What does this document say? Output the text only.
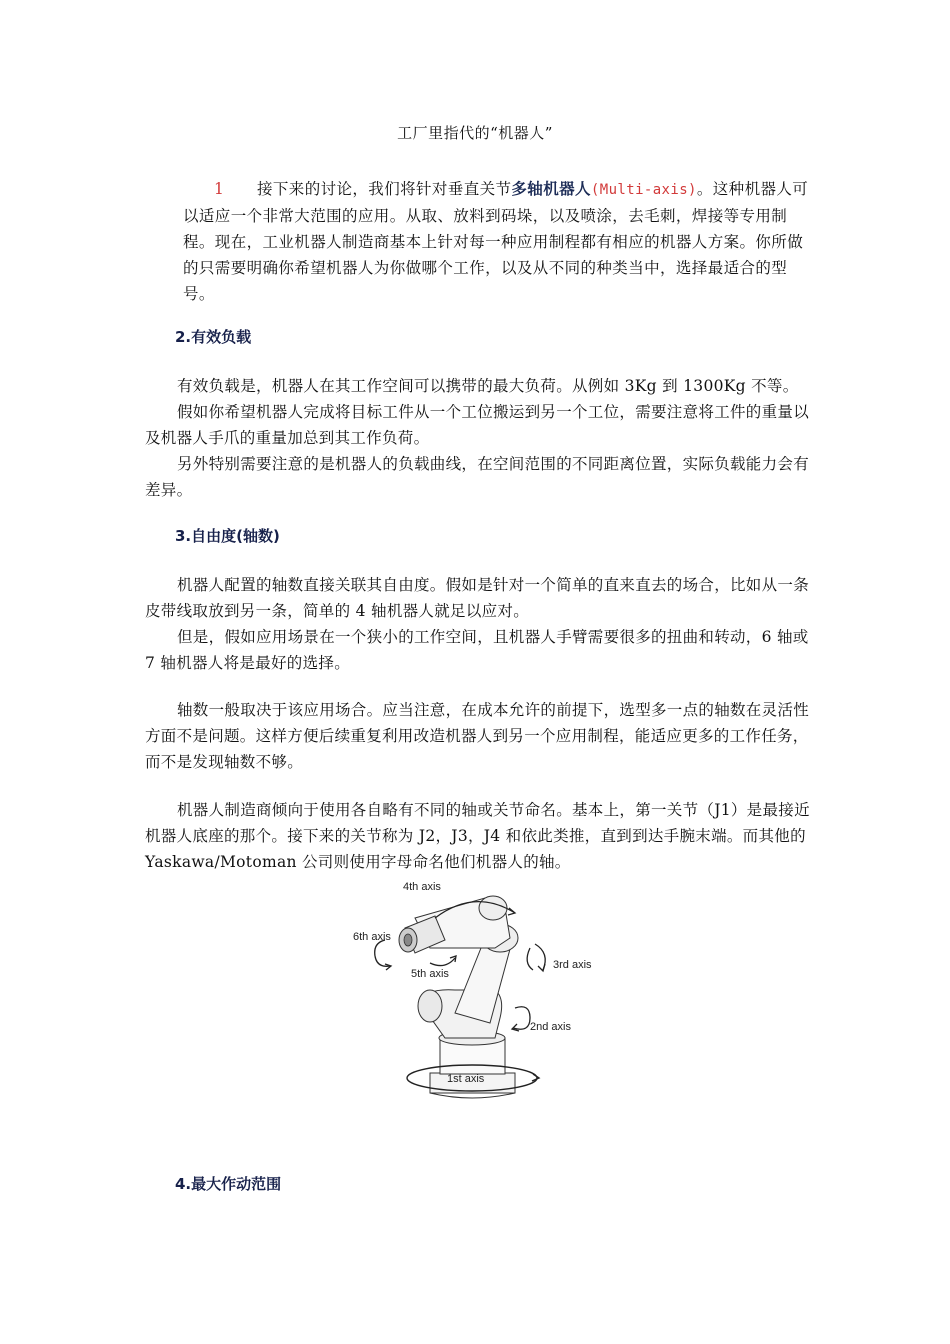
工厂里指代的“机器人”
1 接下来的讨论，我们将针对垂直关节多轴机器人(Multi-axis)。这种机器人可以适应一个非常大范围的应用。从取、放料到码垛，以及喷涂，去毛刺，焊接等专用制程。现在，工业机器人制造商基本上针对每一种应用制程都有相应的机器人方案。你所做的只需要明确你希望机器人为你做哪个工作，以及从不同的种类当中，选择最适合的型号。
2.有效负载

有效负载是，机器人在其工作空间可以携带的最大负荷。从例如 3Kg 到 1300Kg 不等。

假如你希望机器人完成将目标工件从一个工位搬运到另一个工位，需要注意将工件的重量以及机器人手爪的重量加总到其工作负荷。

另外特别需要注意的是机器人的负载曲线，在空间范围的不同距离位置，实际负载能力会有差异。

3.自由度(轴数)

机器人配置的轴数直接关联其自由度。假如是针对一个简单的直来直去的场合，比如从一条皮带线取放到另一条，简单的 4 轴机器人就足以应对。

但是，假如应用场景在一个狭小的工作空间，且机器人手臂需要很多的扭曲和转动，6 轴或 7 轴机器人将是最好的选择。

轴数一般取决于该应用场合。应当注意，在成本允许的前提下，选型多一点的轴数在灵活性方面不是问题。这样方便后续重复利用改造机器人到另一个应用制程，能适应更多的工作任务，而不是发现轴数不够。

机器人制造商倾向于使用各自略有不同的轴或关节命名。基本上，第一关节（J1）是最接近机器人底座的那个。接下来的关节称为 J2，J3，J4 和依此类推，直到到达手腕末端。而其他的 Yaskawa/Motoman 公司则使用字母命名他们机器人的轴。

4th axis
6th axis
5th axis
3rd axis
2nd axis
1st axis
4.最大作动范围
